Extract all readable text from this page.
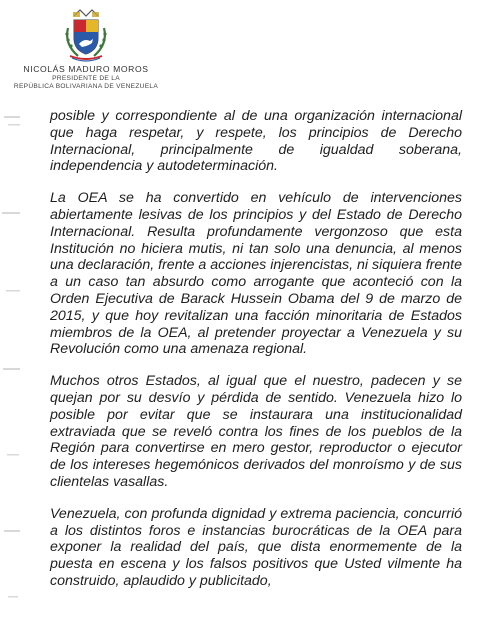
NICOLÁS MADURO MOROS
PRESIDENTE DE LA
REPÚBLICA BOLIVARIANA DE VENEZUELA

posible y correspondiente al de una organización internacional que haga respetar, y respete, los principios de Derecho Internacional, principalmente de igualdad soberana, independencia y autodeterminación.

La OEA se ha convertido en vehículo de intervenciones abiertamente lesivas de los principios y del Estado de Derecho Internacional. Resulta profundamente vergonzoso que esta Institución no hiciera mutis, ni tan solo una denuncia, al menos una declaración, frente a acciones injerencistas, ni siquiera frente a un caso tan absurdo como arrogante que aconteció con la Orden Ejecutiva de Barack Hussein Obama del 9 de marzo de 2015, y que hoy revitalizan una facción minoritaria de Estados miembros de la OEA, al pretender proyectar a Venezuela y su Revolución como una amenaza regional.

Muchos otros Estados, al igual que el nuestro, padecen y se quejan por su desvío y pérdida de sentido. Venezuela hizo lo posible por evitar que se instaurara una institucionalidad extraviada que se reveló contra los fines de los pueblos de la Región para convertirse en mero gestor, reproductor o ejecutor de los intereses hegemónicos derivados del monroísmo y de sus clientelas vasallas.

Venezuela, con profunda dignidad y extrema paciencia, concurrió a los distintos foros e instancias burocráticas de la OEA para exponer la realidad del país, que dista enormemente de la puesta en escena y los falsos positivos que Usted vilmente ha construido, aplaudido y publicitado,
